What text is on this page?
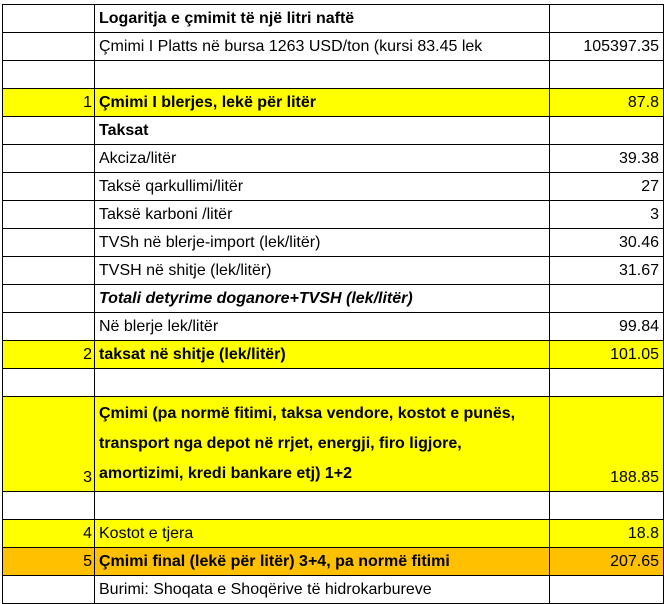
	Logaritja e çmimit të një litri naftë	
	Çmimi I Platts në bursa 1263 USD/ton (kursi 83.45 lek	105397.35

1	Çmimi I blerjes, lekë për litër	87.8
	Taksat	
	Akciza/litër	39.38
	Taksë qarkullimi/litër	27
	Taksë karboni /litër	3
	TVSh në blerje-import (lek/litër)	30.46
	TVSH në shitje (lek/litër)	31.67
	Totali detyrime doganore+TVSH (lek/litër)	
	Në blerje lek/litër	99.84
2	taksat në shitje (lek/litër)	101.05

3	Çmimi (pa normë fitimi, taksa vendore, kostot e punës, transport nga depot në rrjet, energji, firo ligjore, amortizimi, kredi bankare etj) 1+2	188.85

4	Kostot e tjera	18.8
5	Çmimi final (lekë për litër) 3+4, pa normë fitimi	207.65
	Burimi: Shoqata e Shoqërive të hidrokarbureve	
